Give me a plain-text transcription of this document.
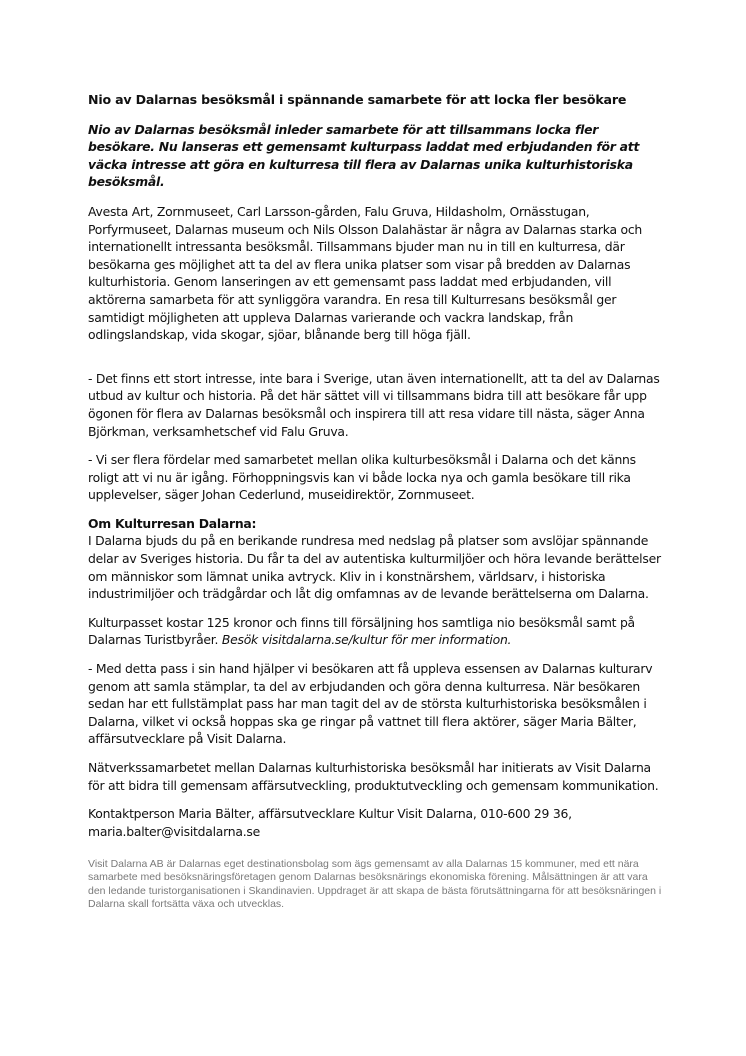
Nio av Dalarnas besöksmål i spännande samarbete för att locka fler besökare

Nio av Dalarnas besöksmål inleder samarbete för att tillsammans locka fler besökare. Nu lanseras ett gemensamt kulturpass laddat med erbjudanden för att väcka intresse att göra en kulturresa till flera av Dalarnas unika kulturhistoriska besöksmål.

Avesta Art, Zornmuseet, Carl Larsson-gården, Falu Gruva, Hildasholm, Ornässtugan, Porfyrmuseet, Dalarnas museum och Nils Olsson Dalahästar är några av Dalarnas starka och internationellt intressanta besöksmål. Tillsammans bjuder man nu in till en kulturresa, där besökarna ges möjlighet att ta del av flera unika platser som visar på bredden av Dalarnas kulturhistoria. Genom lanseringen av ett gemensamt pass laddat med erbjudanden, vill aktörerna samarbeta för att synliggöra varandra. En resa till Kulturresans besöksmål ger samtidigt möjligheten att uppleva Dalarnas varierande och vackra landskap, från odlingslandskap, vida skogar, sjöar, blånande berg till höga fjäll.

- Det finns ett stort intresse, inte bara i Sverige, utan även internationellt, att ta del av Dalarnas utbud av kultur och historia. På det här sättet vill vi tillsammans bidra till att besökare får upp ögonen för flera av Dalarnas besöksmål och inspirera till att resa vidare till nästa, säger Anna Björkman, verksamhetschef vid Falu Gruva.

- Vi ser flera fördelar med samarbetet mellan olika kulturbesöksmål i Dalarna och det känns roligt att vi nu är igång. Förhoppningsvis kan vi både locka nya och gamla besökare till rika upplevelser, säger Johan Cederlund, museidirektör, Zornmuseet.

Om Kulturresan Dalarna:

I Dalarna bjuds du på en berikande rundresa med nedslag på platser som avslöjar spännande delar av Sveriges historia. Du får ta del av autentiska kulturmiljöer och höra levande berättelser om människor som lämnat unika avtryck. Kliv in i konstnärshem, världsarv, i historiska industrimiljöer och trädgårdar och låt dig omfamnas av de levande berättelserna om Dalarna.

Kulturpasset kostar 125 kronor och finns till försäljning hos samtliga nio besöksmål samt på Dalarnas Turistbyråer. Besök visitdalarna.se/kultur för mer information.

- Med detta pass i sin hand hjälper vi besökaren att få uppleva essensen av Dalarnas kulturarv genom att samla stämplar, ta del av erbjudanden och göra denna kulturresa. När besökaren sedan har ett fullstämplat pass har man tagit del av de största kulturhistoriska besöksmålen i Dalarna, vilket vi också hoppas ska ge ringar på vattnet till flera aktörer, säger Maria Bälter, affärsutvecklare på Visit Dalarna.

Nätverkssamarbetet mellan Dalarnas kulturhistoriska besöksmål har initierats av Visit Dalarna för att bidra till gemensam affärsutveckling, produktutveckling och gemensam kommunikation.

Kontaktperson Maria Bälter, affärsutvecklare Kultur Visit Dalarna, 010-600 29 36,
maria.balter@visitdalarna.se

Visit Dalarna AB är Dalarnas eget destinationsbolag som ägs gemensamt av alla Dalarnas 15 kommuner, med ett nära samarbete med besöksnäringsföretagen genom Dalarnas besöksnärings ekonomiska förening. Målsättningen är att vara den ledande turistorganisationen i Skandinavien. Uppdraget är att skapa de bästa förutsättningarna för att besöksnäringen i Dalarna skall fortsätta växa och utvecklas.
